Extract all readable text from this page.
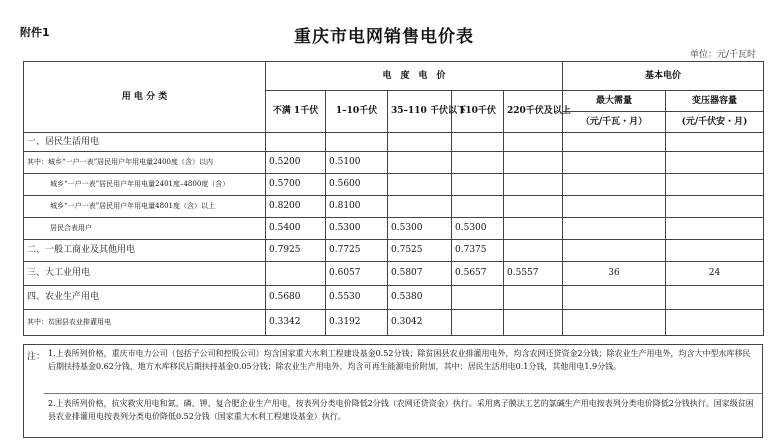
附件1	重庆市电网销售电价表
单位：元/千瓦时
用 电 分 类	电　度　电　价					基本电价	
	不满 1千伏	1–10千伏	35–110 千伏以下	110千伏	220千伏及以上	最大需量	变压器容量
						（元/千瓦・月）	(元/千伏安・月)
一、居民生活用电							
其中：城乡“一户一表”居民用户年用电量2400度（含）以内	0.5200	0.5100					
城乡“一户一表”居民用户年用电量2401度–4800度（含）	0.5700	0.5600					
城乡“一户一表”居民用户年用电量4801度（含）以上	0.8200	0.8100					
居民合表用户	0.5400	0.5300	0.5300	0.5300			
二、一般工商业及其他用电	0.7925	0.7725	0.7525	0.7375			
三、大工业用电		0.6057	0.5807	0.5657	0.5557	36	24
四、农业生产用电	0.5680	0.5530	0.5380				
其中：贫困县农业排灌用电	0.3342	0.3192	0.3042				
注： 1.上表所列价格，重庆市电力公司（包括子公司和控股公司）均含国家重大水利工程建设基金0.52分钱；除贫困县农业排灌用电外，均含农网还贷资金2分钱；除农业生产用电外，均含大中型水库移民后期扶持基金0.62分钱、地方水库移民后期扶持基金0.05分钱；除农业生产用电外，均含可再生能源电价附加，其中：居民生活用电0.1分钱，其他用电1.9分钱。
2.上表所列价格，抗灾救灾用电和氮、磷、钾、复合肥企业生产用电，按表列分类电价降低2分钱（农网还贷资金）执行。采用离子膜法工艺的氯碱生产用电按表列分类电价降低2分钱执行。国家级贫困县农业排灌用电按表列分类电价降低0.52分钱（国家重大水利工程建设基金）执行。
